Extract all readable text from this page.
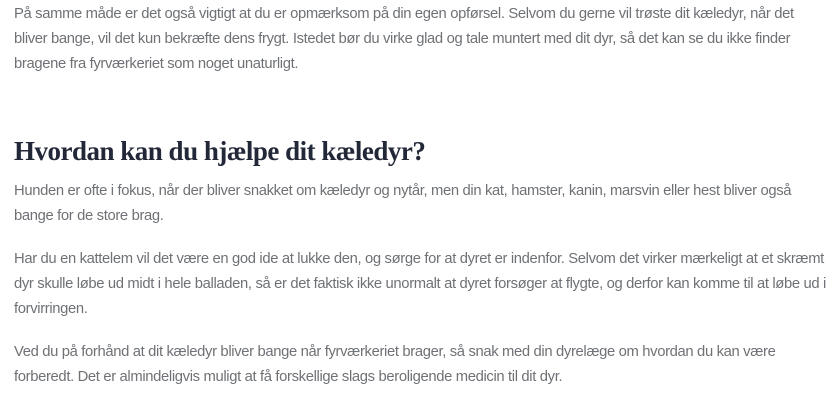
På samme måde er det også vigtigt at du er opmærksom på din egen opførsel. Selvom du gerne vil trøste dit kæledyr, når det bliver bange, vil det kun bekræfte dens frygt. Istedet bør du virke glad og tale muntert med dit dyr, så det kan se du ikke finder bragene fra fyrværkeriet som noget unaturligt.

Hvordan kan du hjælpe dit kæledyr?

Hunden er ofte i fokus, når der bliver snakket om kæledyr og nytår, men din kat, hamster, kanin, marsvin eller hest bliver også bange for de store brag.

Har du en kattelem vil det være en god ide at lukke den, og sørge for at dyret er indenfor. Selvom det virker mærkeligt at et skræmt dyr skulle løbe ud midt i hele balladen, så er det faktisk ikke unormalt at dyret forsøger at flygte, og derfor kan komme til at løbe ud i forvirringen.

Ved du på forhånd at dit kæledyr bliver bange når fyrværkeriet brager, så snak med din dyrelæge om hvordan du kan være forberedt. Det er almindeligvis muligt at få forskellige slags beroligende medicin til dit dyr.
